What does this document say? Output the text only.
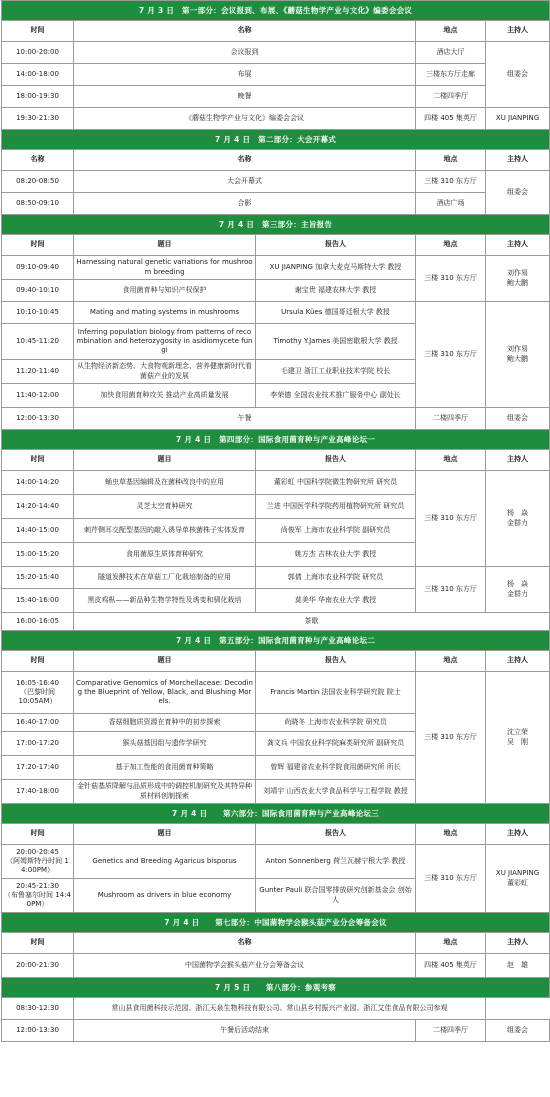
7 月 3 日　第一部分：会议报到、布展、《蘑菇生物学产业与文化》编委会会议				
时间	名称		地点	主持人
10:00-20:00	会议报到		酒店大厅	组委会
14:00-18:00	布展		三楼东方厅走廊	
18:00-19:30	晚餐		二楼四季厅	
19:30-21:30	《蘑菇生物学产业与文化》编委会会议		四楼 405 集英厅	XU JIANPING
7 月 4 日　第二部分：大会开幕式				
名称	名称		地点	主持人
08:20-08:50	大会开幕式		三楼 310 东方厅	组委会
08:50-09:10	合影		酒店广场	
7 月 4 日　第三部分：主旨报告				
时间	题目	报告人	地点	主持人
09:10-09:40	Harnessing natural genetic variations for mushroom breeding	XU JIANPING 加拿大麦克马斯特大学 教授	三楼 310 东方厅	刘作易
鲍大鹏
09:40-10:10	食用菌育种与知识产权保护	谢宝贵 福建农林大学 教授		
10:10-10:45	Mating and mating systems in mushrooms	Ursula Kües 德国哥廷根大学 教授	三楼 310 东方厅	刘作易
鲍大鹏
10:45-11:20	Inferring population biology from patterns of recombination and heterozygosity in asidiomycete fungi	Timothy Y.James 美国密歇根大学 教授		
11:20-11:40	从生物经济新态势、大食物观新理念、营养健康新时代看菌菇产业的发展	毛建卫 浙江工业职业技术学院 校长		
11:40-12:00	加快食用菌育种攻关 推动产业高质量发展	李荣德 全国农业技术推广服务中心 副处长		
12:00-13:30	午餐		二楼四季厅	组委会
7 月 4 日　第四部分：国际食用菌育种与产业高峰论坛一				
时间	题目	报告人	地点	主持人
14:00-14:20	蛹虫草基因编辑及在菌种改良中的应用	董彩虹 中国科学院微生物研究所 研究员	三楼 310 东方厅	杨　焱
金群力
14:20-14:40	灵芝太空育种研究	兰进 中国医学科学院药用植物研究所 研究员		
14:40-15:00	刺芹侧耳交配型基因的敲入诱导单核菌株子实体发育	尚俊军 上海市农业科学院 副研究员		
15:00-15:20	食用菌原生质体育种研究	姚方杰 吉林农业大学 教授		
15:20-15:40	隧道发酵技术在草菇工厂化栽培制备的应用	郭倩 上海市农业科学院 研究员	三楼 310 东方厅	杨　焱
金群力
15:40-16:00	黑皮鸡枞——新品种生物学特性及诱变和驯化栽培	莫美华 华南农业大学 教授		
16:00-16:05	茶歇			
7 月 4 日　第五部分：国际食用菌育种与产业高峰论坛二				
时间	题目	报告人	地点	主持人
16:05-16:40
（巴黎时间
10:05AM）	Comparative Genomics of Morchellaceae: Decoding the Blueprint of Yellow, Black, and Blushing Morels.	Francis Martin 法国农业科学研究院 院士	三楼 310 东方厅	沈立荣
吴　刚
16:40-17:00	香菇细胞质资源在育种中的初步探索	尚晓冬 上海市农业科学院 研究员		
17:00-17:20	猴头菇基因组与遗传学研究	龚文兵 中国农业科学院麻类研究所 副研究员		
17:20-17:40	基于加工性能的食用菌育种策略	曾辉 福建省农业科学院食用菌研究所 所长		
17:40-18:00	金针菇基质降解与品质形成中的调控机制研究及其特异种质材料创制探索	刘靖宇 山西农业大学食品科学与工程学院 教授		
7 月 4 日　　第六部分：国际食用菌育种与产业高峰论坛三				
时间	题目	报告人	地点	主持人
20:00-20:45
（阿姆斯特丹时间 14:00PM）	Genetics and Breeding Agaricus bisporus	Anton Sonnenberg 荷兰瓦赫宁根大学 教授	三楼 310 东方厅	XU JIANPING
董彩虹
20:45-21:30
（布鲁塞尔时间 14:40PM）	Mushroom as drivers in blue economy	Gunter Pauli 联合国零排放研究创新基金会 创始人		
7 月 4 日　　第七部分：中国菌物学会猴头菇产业分会筹备会议				
时间	名称		地点	主持人
20:00-21:30	中国菌物学会猴头菇产业分会筹备会议		四楼 405 集英厅	赵　雄
7 月 5 日　　第八部分：参观考察				
08:30-12:30	常山县食用菌科技示范园、浙江天泉生物科技有限公司、常山县乡村振兴产业园、浙江艾佳食品有限公司参观			
12:00-13:30	午餐后活动结束		二楼四季厅	组委会
